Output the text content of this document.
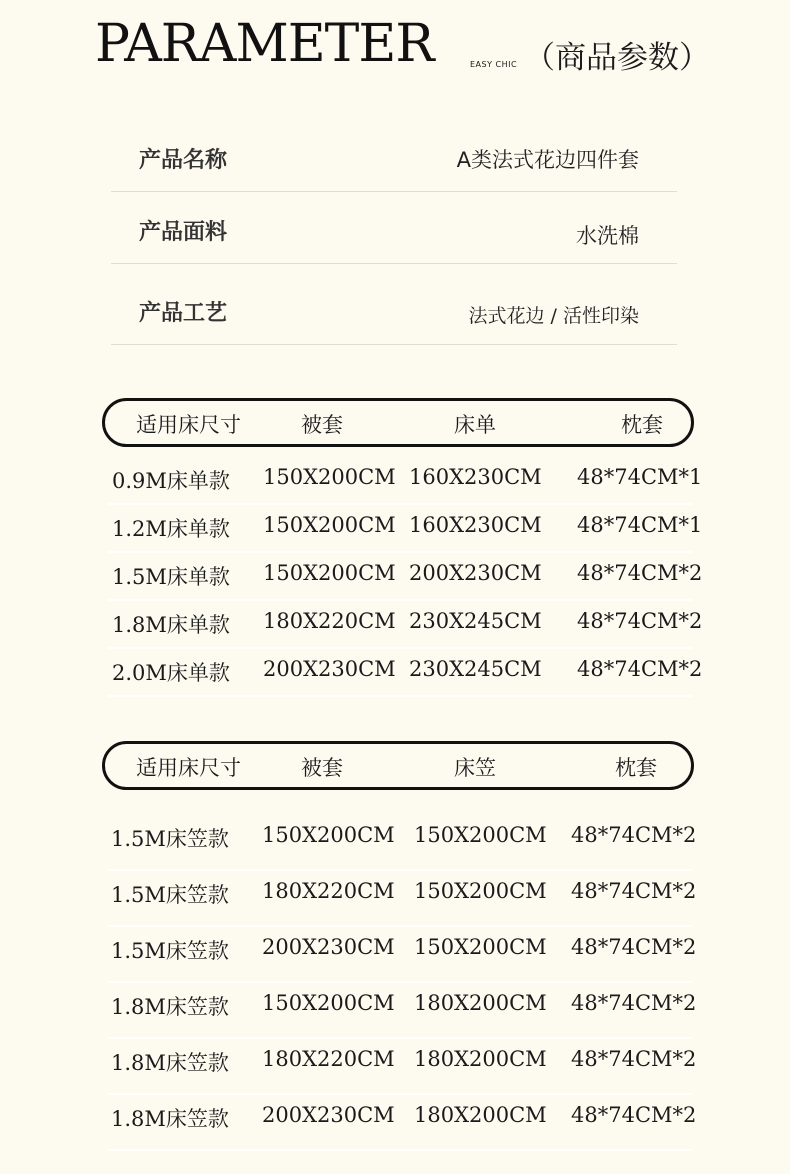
PARAMETER	EASY CHIC （商品参数）
产品名称	A类法式花边四件套
产品面料	水洗棉
产品工艺	法式花边 / 活性印染
适用床尺寸	被套	床单	枕套
0.9M床单款 150X200CM 160X230CM 48*74CM*1
1.2M床单款 150X200CM 160X230CM 48*74CM*1
1.5M床单款 150X200CM 200X230CM 48*74CM*2
1.8M床单款 180X220CM 230X245CM 48*74CM*2
2.0M床单款 200X230CM 230X245CM 48*74CM*2
适用床尺寸	被套	床笠	枕套
1.5M床笠款 150X200CM 150X200CM 48*74CM*2
1.5M床笠款 180X220CM 150X200CM 48*74CM*2
1.5M床笠款 200X230CM 150X200CM 48*74CM*2
1.8M床笠款 150X200CM 180X200CM 48*74CM*2
1.8M床笠款 180X220CM 180X200CM 48*74CM*2
1.8M床笠款 200X230CM 180X200CM 48*74CM*2
